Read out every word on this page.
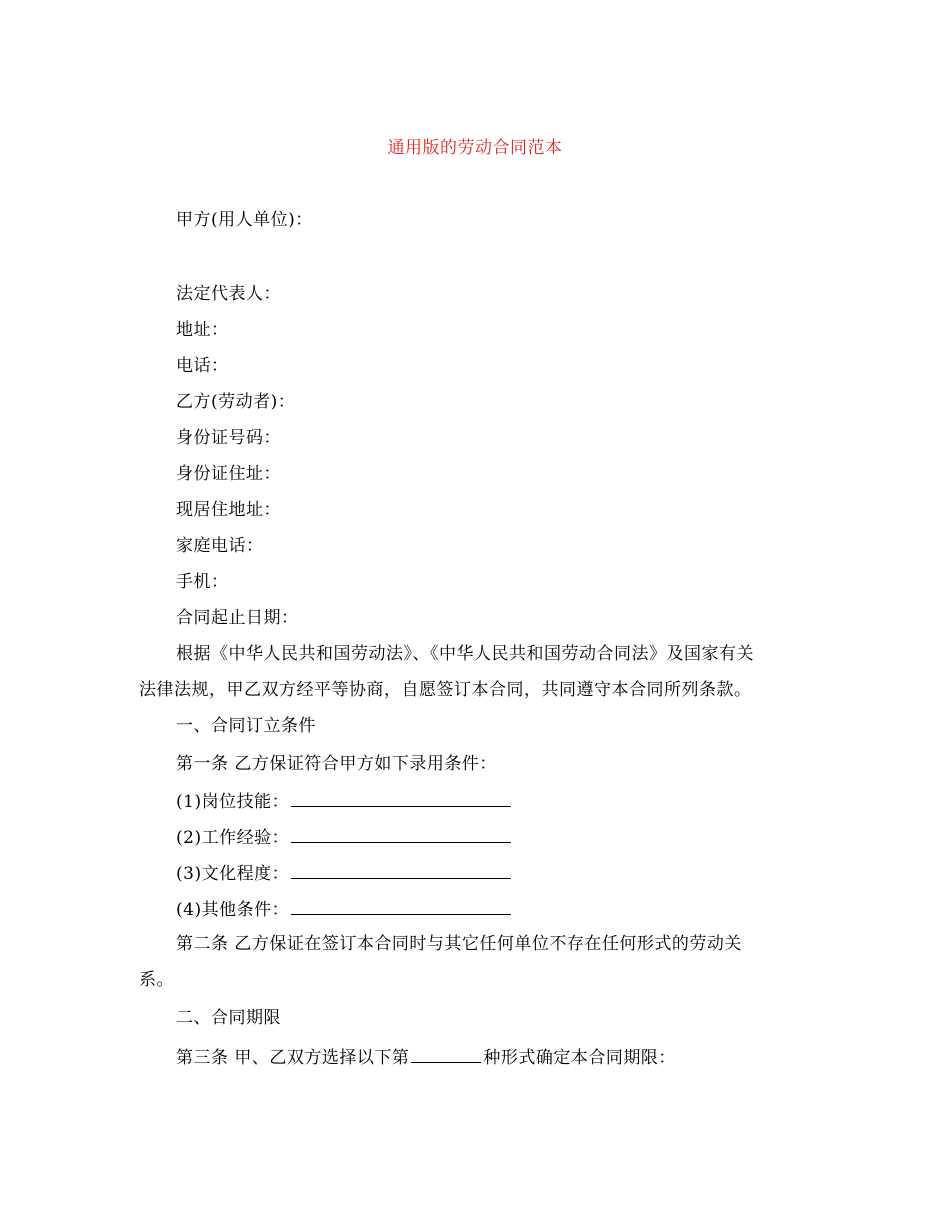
通用版的劳动合同范本
甲方(用人单位)：
法定代表人：
地址：
电话：
乙方(劳动者)：
身份证号码：
身份证住址：
现居住地址：
家庭电话：
手机：
合同起止日期：
根据《中华人民共和国劳动法》、《中华人民共和国劳动合同法》及国家有关
法律法规，甲乙双方经平等协商，自愿签订本合同，共同遵守本合同所列条款。
一、合同订立条件
第一条 乙方保证符合甲方如下录用条件：
(1)岗位技能：
(2)工作经验：
(3)文化程度：
(4)其他条件：
第二条 乙方保证在签订本合同时与其它任何单位不存在任何形式的劳动关
系。
二、合同期限
第三条 甲、乙双方选择以下第	种形式确定本合同期限：
